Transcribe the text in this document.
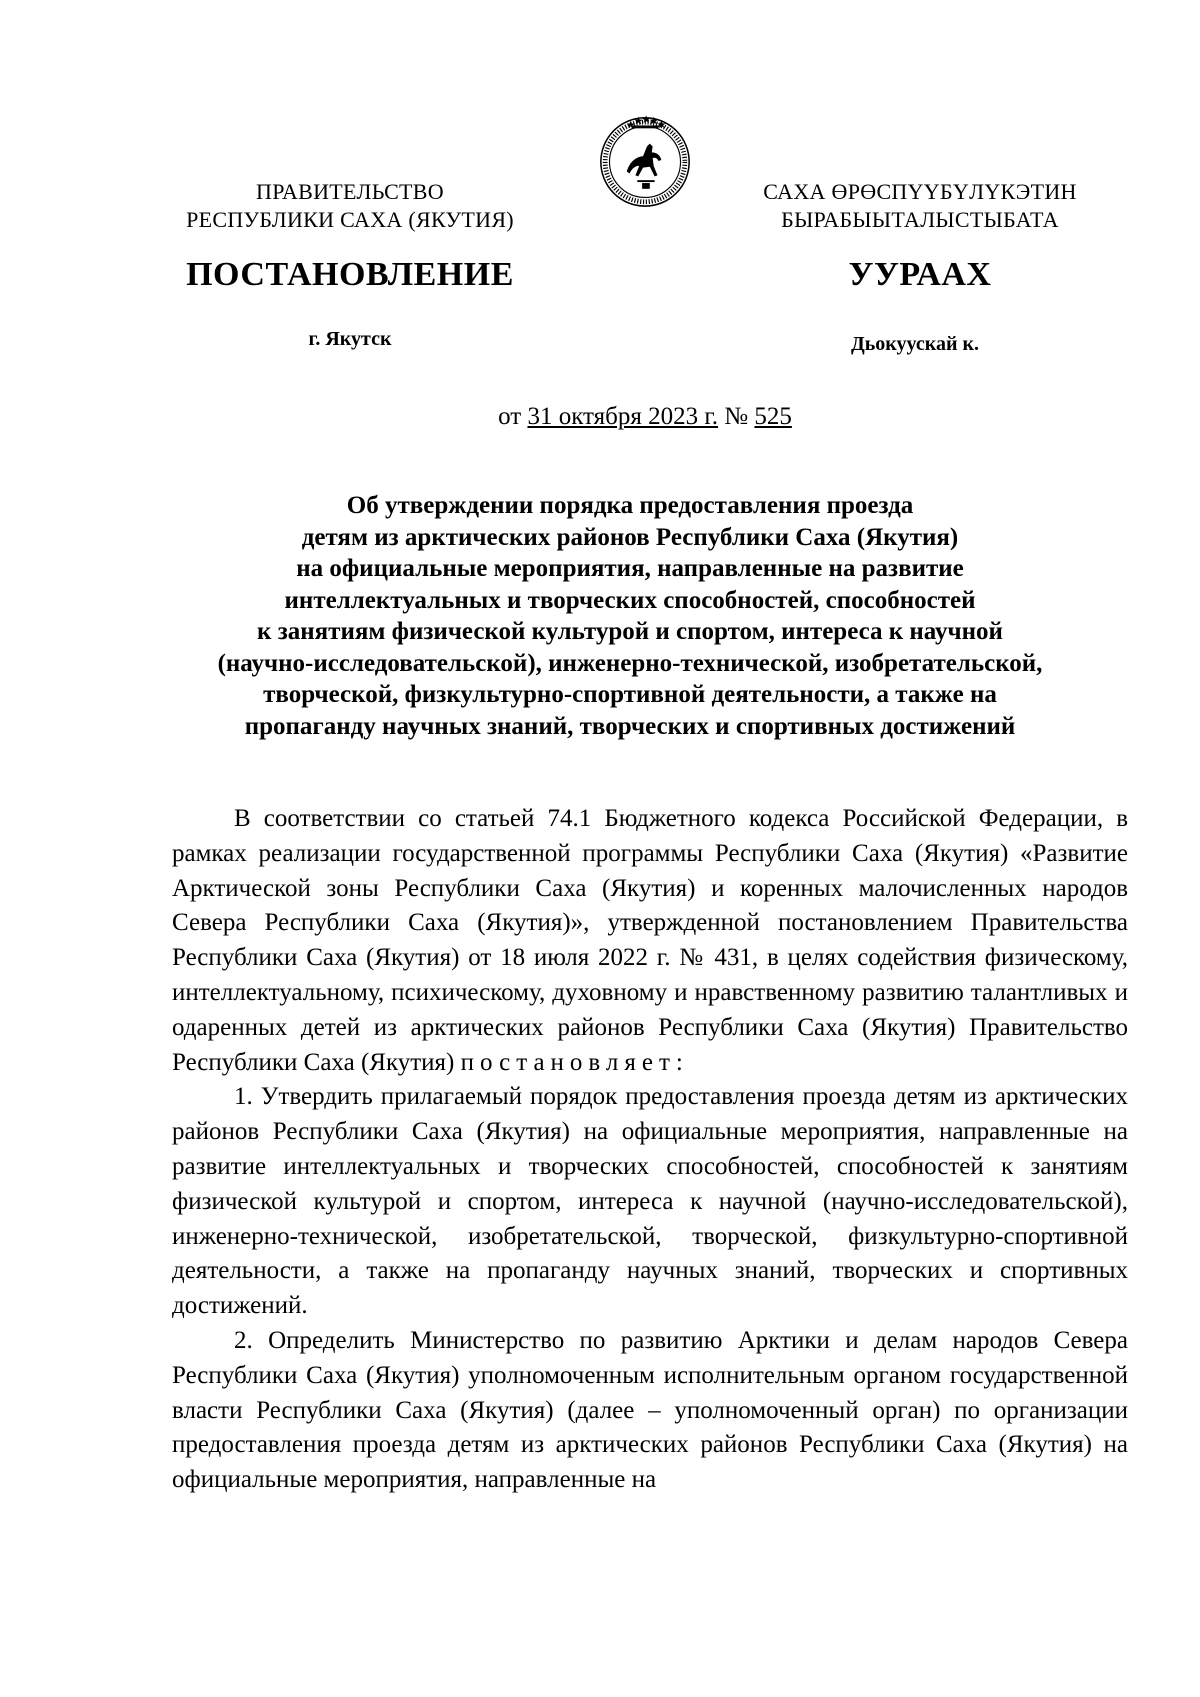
ПРАВИТЕЛЬСТВО
РЕСПУБЛИКИ САХА (ЯКУТИЯ)
САХА ӨРӨСПҮҮБҮЛҮКЭТИН
БЫРАБЫЫТАЛЫСТЫБАТА
ПОСТАНОВЛЕНИЕ	УУРААХ
г. Якутск	Дьокуускай к.
от 31 октября 2023 г. № 525
Об утверждении порядка предоставления проезда
детям из арктических районов Республики Саха (Якутия)
на официальные мероприятия, направленные на развитие
интеллектуальных и творческих способностей, способностей
к занятиям физической культурой и спортом, интереса к научной
(научно-исследовательской), инженерно-технической, изобретательской,
творческой, физкультурно-спортивной деятельности, а также на
пропаганду научных знаний, творческих и спортивных достижений

В соответствии со статьей 74.1 Бюджетного кодекса Российской Федерации, в рамках реализации государственной программы Республики Саха (Якутия) «Развитие Арктической зоны Республики Саха (Якутия) и коренных малочисленных народов Севера Республики Саха (Якутия)», утвержденной постановлением Правительства Республики Саха (Якутия) от 18 июля 2022 г. № 431, в целях содействия физическому, интеллектуальному, психическому, духовному и нравственному развитию талантливых и одаренных детей из арктических районов Республики Саха (Якутия) Правительство Республики Саха (Якутия) постановляет:

1. Утвердить прилагаемый порядок предоставления проезда детям из арктических районов Республики Саха (Якутия) на официальные мероприятия, направленные на развитие интеллектуальных и творческих способностей, способностей к занятиям физической культурой и спортом, интереса к научной (научно-исследовательской), инженерно-технической, изобретательской, творческой, физкультурно-спортивной деятельности, а также на пропаганду научных знаний, творческих и спортивных достижений.

2. Определить Министерство по развитию Арктики и делам народов Севера Республики Саха (Якутия) уполномоченным исполнительным органом государственной власти Республики Саха (Якутия) (далее – уполномоченный орган) по организации предоставления проезда детям из арктических районов Республики Саха (Якутия) на официальные мероприятия, направленные на
